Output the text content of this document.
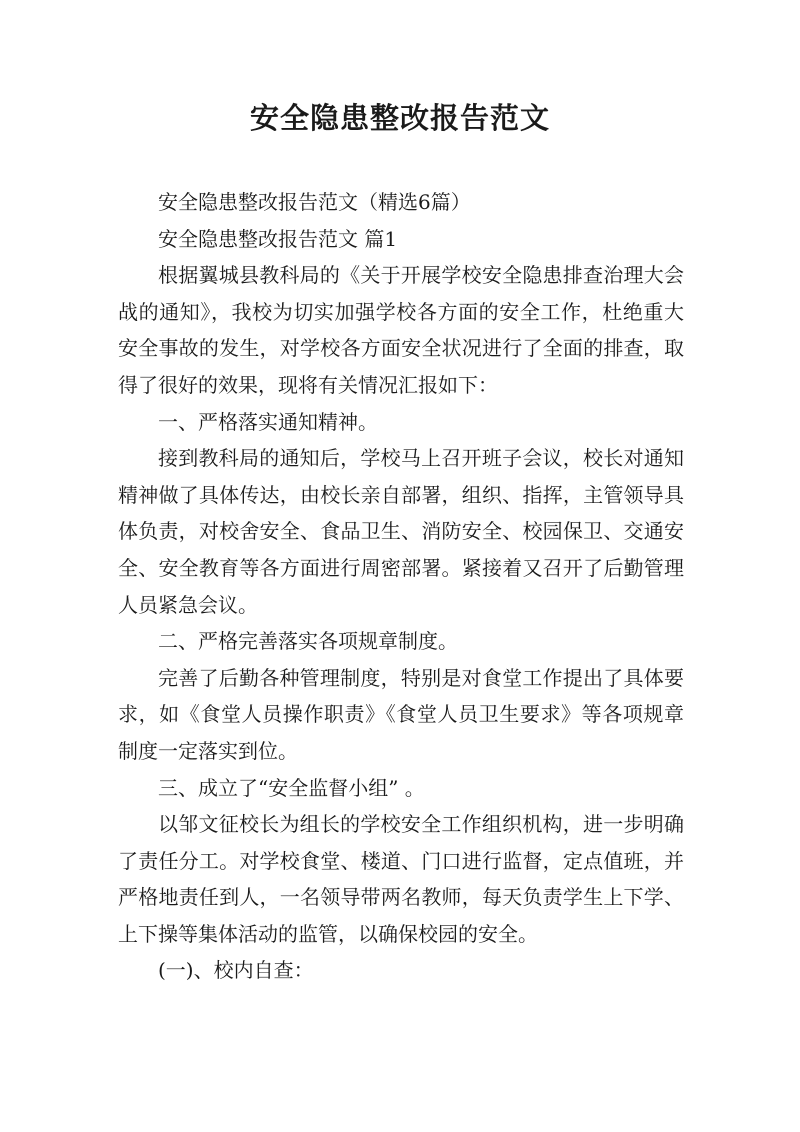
安全隐患整改报告范文

安全隐患整改报告范文（精选6篇）

安全隐患整改报告范文 篇1

根据翼城县教科局的《关于开展学校安全隐患排查治理大会战的通知》，我校为切实加强学校各方面的安全工作，杜绝重大安全事故的发生，对学校各方面安全状况进行了全面的排查，取得了很好的效果，现将有关情况汇报如下：

一、严格落实通知精神。

接到教科局的通知后，学校马上召开班子会议，校长对通知精神做了具体传达，由校长亲自部署，组织、指挥，主管领导具体负责，对校舍安全、食品卫生、消防安全、校园保卫、交通安全、安全教育等各方面进行周密部署。紧接着又召开了后勤管理人员紧急会议。

二、严格完善落实各项规章制度。

完善了后勤各种管理制度，特别是对食堂工作提出了具体要求，如《食堂人员操作职责》《食堂人员卫生要求》等各项规章制度一定落实到位。

三、成立了“安全监督小组” 。

以邹文征校长为组长的学校安全工作组织机构，进一步明确了责任分工。对学校食堂、楼道、门口进行监督，定点值班，并严格地责任到人，一名领导带两名教师，每天负责学生上下学、上下操等集体活动的监管，以确保校园的安全。

(一)、校内自查：
